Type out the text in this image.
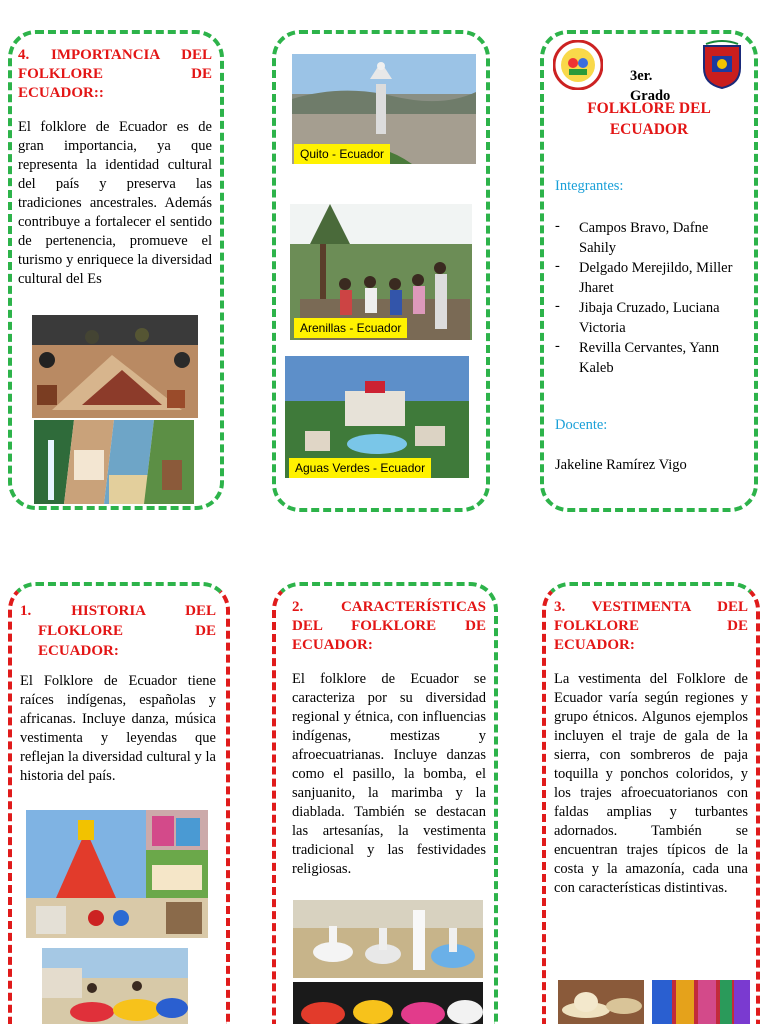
4. IMPORTANCIA DEL FOLKLORE DE ECUADOR::
El folklore de Ecuador es de gran importancia, ya que representa la identidad cultural del país y preserva las tradiciones ancestrales. Además contribuye a fortalecer el sentido de pertenencia, promueve el turismo y enriquece la diversidad cultural del Es
Quito - Ecuador
Arenillas - Ecuador
Aguas Verdes - Ecuador
3er. Grado
FOLKLORE DEL ECUADOR
Integrantes:
- Campos Bravo, Dafne Sahily
- Delgado Merejildo, Miller Jharet
- Jibaja Cruzado, Luciana Victoria
- Revilla Cervantes, Yann Kaleb
Docente:
Jakeline Ramírez Vigo
1. HISTORIA DEL
FLOKLORE DE
ECUADOR:
El Folklore de Ecuador tiene raíces indígenas, españolas y africanas. Incluye danza, música vestimenta y leyendas que reflejan la diversidad cultural y la historia del país.
2. CARACTERÍSTICAS DEL FOLKLORE DE ECUADOR:
El folklore de Ecuador se caracteriza por su diversidad regional y étnica, con influencias indígenas, mestizas y afroecuatrianas. Incluye danzas como el pasillo, la bomba, el sanjuanito, la marimba y la diablada. También se destacan las artesanías, la vestimenta tradicional y las festividades religiosas.
3. VESTIMENTA DEL FOLKLORE DE ECUADOR:
La vestimenta del Folklore de Ecuador varía según regiones y grupo étnicos. Algunos ejemplos incluyen el traje de gala de la sierra, con sombreros de paja toquilla y ponchos coloridos, y los trajes afroecuatorianos con faldas amplias y turbantes adornados. También se encuentran trajes típicos de la costa y la amazonía, cada una con características distintivas.
